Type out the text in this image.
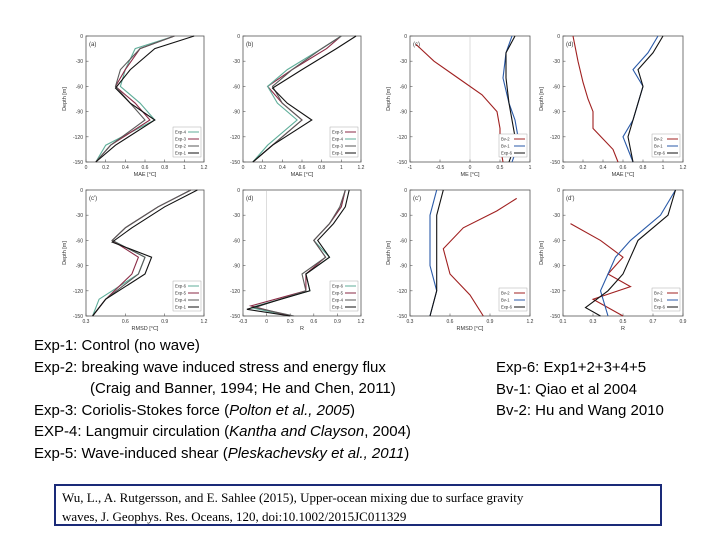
(a)
0	0.2	0.4	0.6	0.8	1	1.2
0
-30
-60
-90
-120
-150
MAE [°C]
Depth [m]
Exp-4
Exp-3
Exp-2
Exp-1
(b)
0	0.2	0.4	0.6	0.8	1	1.2
0
-30
-60
-90
-120
-150
MAE [°C]
Exp-5
Exp-4
Exp-3
Exp-1
(c)
-1	-0.5	0	0.5	1
0
-30
-60
-90
-120
-150
ME [°C]
Depth [m]
Bv-2
Bv-1
Exp-6
(d)
0	0.2	0.4	0.6	0.8	1	1.2
0
-30
-60
-90
-120
-150
MAE [°C]
Depth [m]
Bv-2
Bv-1
Exp-6
(c')
0.3	0.6	0.9	1.2
0
-30
-60
-90
-120
-150
RMSD [°C]
Depth [m]
Exp-6
Exp-5
Exp-4
Exp-1
(d)
-0.3	0	0.3	0.6	0.9	1.2
0
-30
-60
-90
-120
-150
R
Exp-6
Exp-5
Exp-4
Exp-1
(c')
0.3	0.6	0.9	1.2
0
-30
-60
-90
-120
-150
RMSD [°C]
Depth [m]
Bv-2
Bv-1
Exp-6
(d')
0.1	0.3	0.5	0.7	0.9
0
-30
-60
-90
-120
-150
R
Depth [m]
Bv-2
Bv-1
Exp-6
Exp-1: Control (no wave)
Exp-2: breaking wave induced stress and energy flux
(Craig and Banner, 1994; He and Chen, 2011)
Exp-3: Coriolis-Stokes force (Polton et al., 2005)
EXP-4: Langmuir circulation (Kantha and Clayson, 2004)
Exp-5: Wave-induced shear (Pleskachevsky et al., 2011)
Exp-6: Exp1+2+3+4+5
Bv-1: Qiao et al 2004
Bv-2: Hu and Wang 2010
Wu, L., A. Rutgersson, and E. Sahlee (2015), Upper-ocean mixing due to surface gravity
waves, J. Geophys. Res. Oceans, 120, doi:10.1002/2015JC011329
